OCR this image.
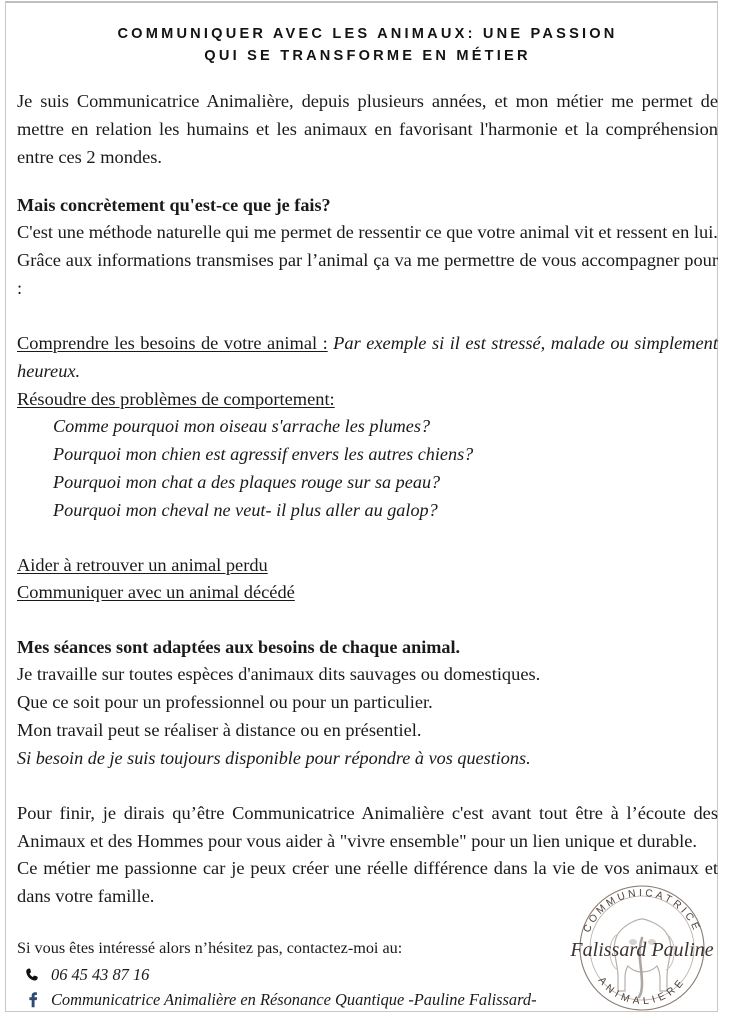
COMMUNIQUER AVEC LES ANIMAUX: UNE PASSION
QUI SE TRANSFORME EN MÉTIER

Je suis Communicatrice Animalière, depuis plusieurs années, et mon métier me permet de mettre en relation les humains et les animaux en favorisant l'harmonie et la compréhension entre ces 2 mondes.

Mais concrètement qu'est-ce que je fais?

C'est une méthode naturelle qui me permet de ressentir ce que votre animal vit et ressent en lui.

Grâce aux informations transmises par l’animal ça va me permettre de vous accompagner pour :

Comprendre les besoins de votre animal : Par exemple si il est stressé, malade ou simplement heureux.

Résoudre des problèmes de comportement:

Comme pourquoi mon oiseau s'arrache les plumes?
Pourquoi mon chien est agressif envers les autres chiens?
Pourquoi mon chat a des plaques rouge sur sa peau?
Pourquoi mon cheval ne veut- il plus aller au galop?

Aider à retrouver un animal perdu

Communiquer avec un animal décédé

Mes séances sont adaptées aux besoins de chaque animal.

Je travaille sur toutes espèces d'animaux dits sauvages ou domestiques.

Que ce soit pour un professionnel ou pour un particulier.

Mon travail peut se réaliser à distance ou en présentiel.

Si besoin de je suis toujours disponible pour répondre à vos questions.

Pour finir, je dirais qu’être Communicatrice Animalière c'est avant tout être à l’écoute des Animaux et des Hommes pour vous aider à "vivre ensemble" pour un lien unique et durable.

Ce métier me passionne car je peux créer une réelle différence dans la vie de vos animaux et dans votre famille.

Si vous êtes intéressé alors n’hésitez pas, contactez-moi au:

06 45 43 87 16
Communicatrice Animalière en Résonance Quantique -Pauline Falissard-
COMMUNICATRICE
ANIMALIERE
Falissard Pauline
